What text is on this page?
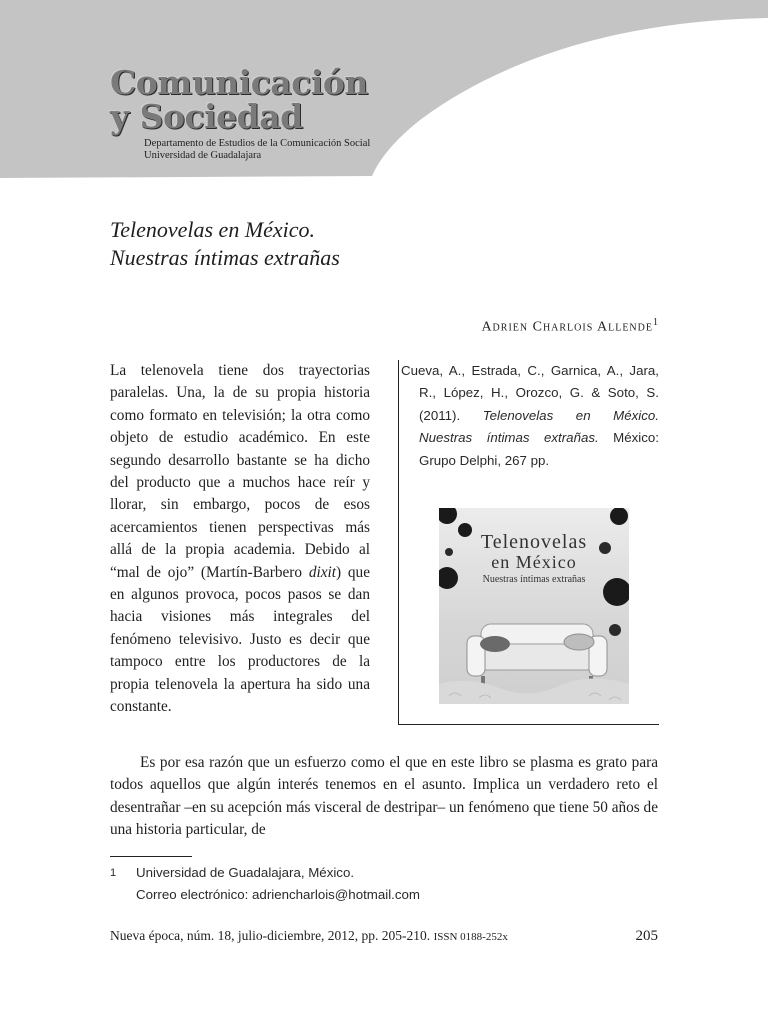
Comunicación
y Sociedad
Departamento de Estudios de la Comunicación Social
Universidad de Guadalajara
Telenovelas en México.
Nuestras íntimas extrañas
Adrien Charlois Allende$^1$

La telenovela tiene dos trayectorias paralelas. Una, la de su propia historia como formato en televisión; la otra como objeto de estudio académico. En este segundo desarrollo bastante se ha dicho del producto que a muchos hace reír y llorar, sin embargo, pocos de esos acercamientos tienen perspectivas más allá de la propia academia. Debido al “mal de ojo” (Martín-Barbero dixit) que en algunos provoca, pocos pasos se dan hacia visiones más integrales del fenómeno televisivo. Justo es decir que tampoco entre los productores de la propia telenovela la apertura ha sido una constante.

Cueva, A., Estrada, C., Garnica, A., Jara, R., López, H., Orozco, G. & Soto, S. (2011). Telenovelas en México. Nuestras íntimas extrañas. México: Grupo Delphi, 267 pp.

Telenovelas
en México
Nuestras íntimas extrañas

Es por esa razón que un esfuerzo como el que en este libro se plasma es grato para todos aquellos que algún interés tenemos en el asunto. Implica un verdadero reto el desentrañar –en su acepción más visceral de destripar– un fenómeno que tiene 50 años de una historia particular, de

1	Universidad de Guadalajara, México.
Correo electrónico: adriencharlois@hotmail.com
Nueva época, núm. 18, julio-diciembre, 2012, pp. 205-210. ISSN 0188-252x	205
